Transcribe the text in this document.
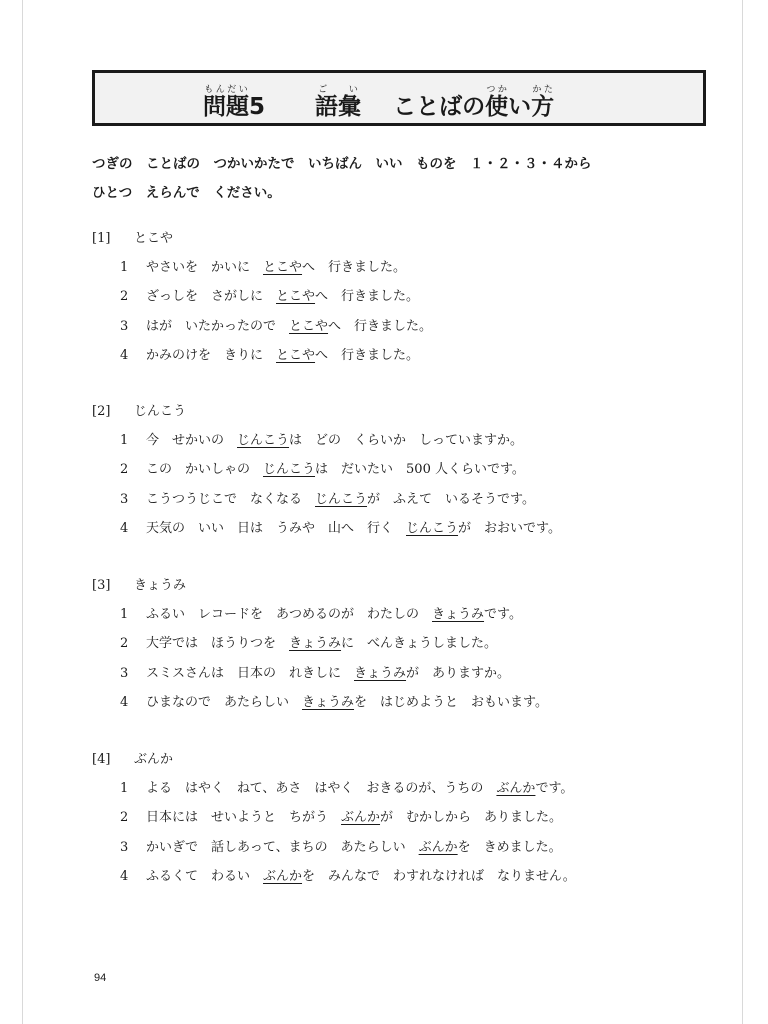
問題もんだい5 語彙ご　 い  ことばの使つかい方かた
つぎの　ことばの　つかいかたで　いちばん　いい　ものを　１・２・３・４から
ひとつ　えらんで　ください。
[1] とこや
1 やさいを　かいに　とこやへ　行きました。
2 ざっしを　さがしに　とこやへ　行きました。
3 はが　いたかったので　とこやへ　行きました。
4 かみのけを　きりに　とこやへ　行きました。
[2] じんこう
1 今　せかいの　じんこうは　どの　くらいか　しっていますか。
2 この　かいしゃの　じんこうは　だいたい　500 人くらいです。
3 こうつうじこで　なくなる　じんこうが　ふえて　いるそうです。
4 天気の　いい　日は　うみや　山へ　行く　じんこうが　おおいです。
[3] きょうみ
1 ふるい　レコードを　あつめるのが　わたしの　きょうみです。
2 大学では　ほうりつを　きょうみに　べんきょうしました。
3 スミスさんは　日本の　れきしに　きょうみが　ありますか。
4 ひまなので　あたらしい　きょうみを　はじめようと　おもいます。
[4] ぶんか
1 よる　はやく　ねて、あさ　はやく　おきるのが、うちの　ぶんかです。
2 日本には　せいようと　ちがう　ぶんかが　むかしから　ありました。
3 かいぎで　話しあって、まちの　あたらしい　ぶんかを　きめました。
4 ふるくて　わるい　ぶんかを　みんなで　わすれなければ　なりません。
94
